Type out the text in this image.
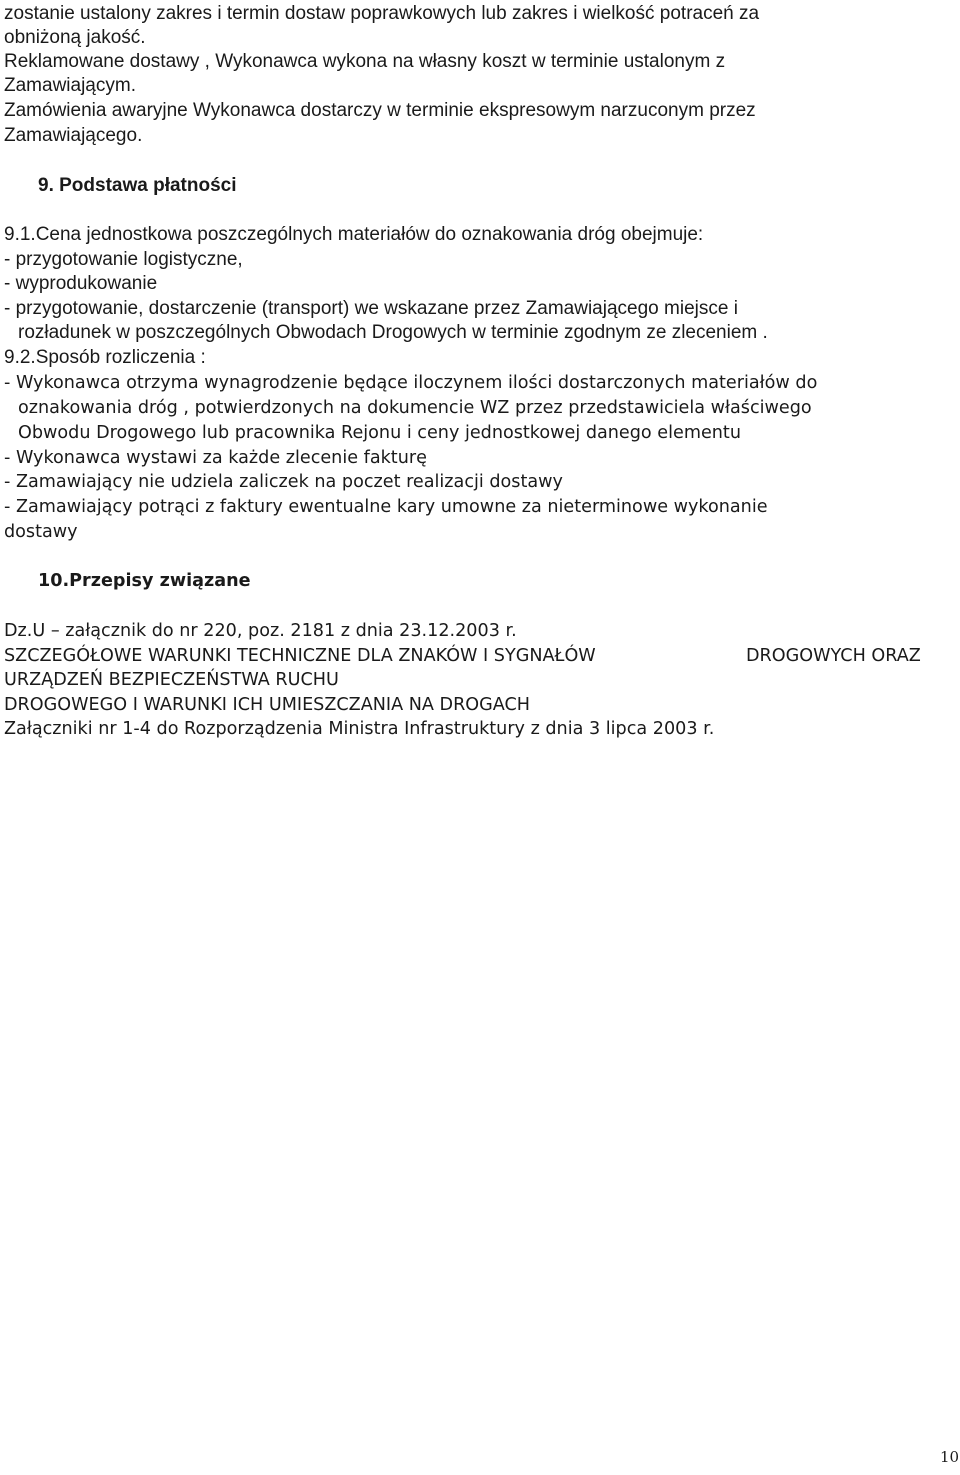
zostanie ustalony zakres i termin dostaw poprawkowych lub zakres i wielkość potraceń za
obniżoną jakość.
Reklamowane dostawy , Wykonawca wykona na własny koszt w terminie ustalonym z
Zamawiającym.
Zamówienia awaryjne Wykonawca dostarczy w terminie ekspresowym narzuconym przez
Zamawiającego.
9. Podstawa płatności
9.1.Cena jednostkowa poszczególnych materiałów do oznakowania dróg obejmuje:
- przygotowanie logistyczne,
- wyprodukowanie
- przygotowanie, dostarczenie (transport) we wskazane przez Zamawiającego miejsce i
rozładunek w poszczególnych Obwodach Drogowych w terminie zgodnym ze zleceniem .
9.2.Sposób rozliczenia :
- Wykonawca otrzyma wynagrodzenie będące iloczynem ilości dostarczonych materiałów do
oznakowania dróg , potwierdzonych na dokumencie WZ przez przedstawiciela właściwego
Obwodu Drogowego lub pracownika Rejonu i ceny jednostkowej danego elementu
- Wykonawca wystawi za każde zlecenie fakturę
- Zamawiający nie udziela zaliczek na poczet realizacji dostawy
- Zamawiający potrąci z faktury ewentualne kary umowne za nieterminowe wykonanie
dostawy
10.Przepisy związane
Dz.U – załącznik do nr 220, poz. 2181 z dnia 23.12.2003 r.
SZCZEGÓŁOWE WARUNKI TECHNICZNE DLA ZNAKÓW I SYGNAŁÓW	DROGOWYCH ORAZ
URZĄDZEŃ BEZPIECZEŃSTWA RUCHU
DROGOWEGO I WARUNKI ICH UMIESZCZANIA NA DROGACH
Załączniki nr 1-4 do Rozporządzenia Ministra Infrastruktury z dnia 3 lipca 2003 r.
10
